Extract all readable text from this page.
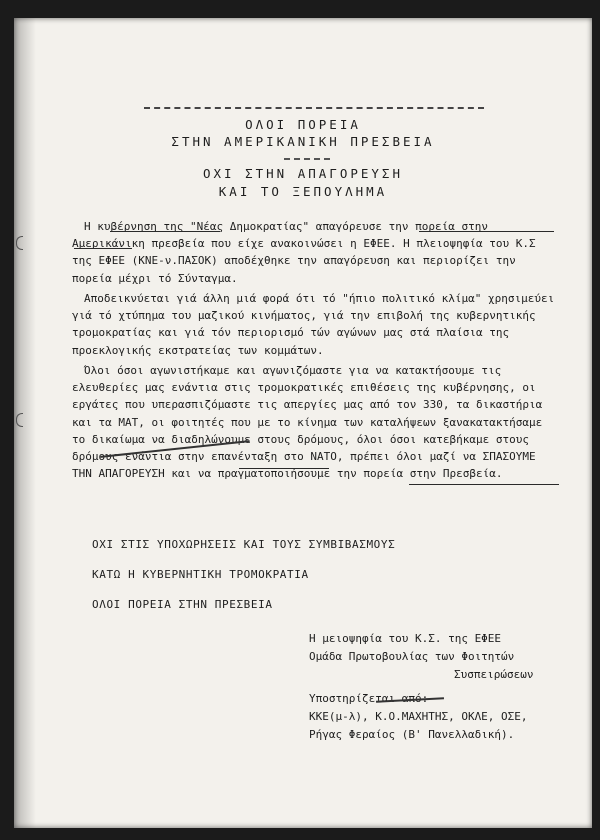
ΟΛΟΙ ΠΟΡΕΙΑ
ΣΤΗΝ ΑΜΕΡΙΚΑΝΙΚΗ ΠΡΕΣΒΕΙΑ
ΟΧΙ ΣΤΗΝ ΑΠΑΓΟΡΕΥΣΗ
ΚΑΙ ΤΟ ΞΕΠΟΥΛΗΜΑ
Η κυβέρνηση της "Νέας Δημοκρατίας" απαγόρευσε την πορεία στην Αμερικάνικη πρεσβεία που είχε ανακοινώσει η ΕΦΕΕ. Η πλειοψηφία του Κ.Σ της ΕΦΕΕ (ΚΝΕ-ν.ΠΑΣΟΚ) αποδέχθηκε την απαγόρευση και περιορίζει την πορεία μέχρι τό Σύνταγμα.
Αποδεικνύεται γιά άλλη μιά φορά ότι τό "ήπιο πολιτικό κλίμα" χρησιμεύει γιά τό χτύπημα του μαζικού κινήματος, γιά την επιβολή της κυβερνητικής τρομοκρατίας και γιά τόν περιορισμό τών αγώνων μας στά πλαίσια της προεκλογικής εκστρατείας των κομμάτων.
Όλοι όσοι αγωνιστήκαμε και αγωνιζόμαστε για να κατακτήσουμε τις ελευθερίες μας ενάντια στις τρομοκρατικές επιθέσεις της κυβέρνησης, οι εργάτες που υπερασπιζόμαστε τις απεργίες μας από τον 330, τα δικαστήρια και τα ΜΑΤ, οι φοιτητές που με το κίνημα των καταλήψεων ξανακατακτήσαμε το δικαίωμα να διαδηλώνουμε στους δρόμους, όλοι όσοι κατεβήκαμε στους δρόμους ενάντια στην επανένταξη στο ΝΑΤΟ, πρέπει όλοι μαζί να ΣΠΑΣΟΥΜΕ ΤΗΝ ΑΠΑΓΟΡΕΥΣΗ και να πραγματοποιήσουμε την πορεία στην Πρεσβεία.
ΟΧΙ ΣΤΙΣ ΥΠΟΧΩΡΗΣΕΙΣ ΚΑΙ ΤΟΥΣ ΣΥΜΒΙΒΑΣΜΟΥΣ
ΚΑΤΩ Η ΚΥΒΕΡΝΗΤΙΚΗ ΤΡΟΜΟΚΡΑΤΙΑ
ΟΛΟΙ ΠΟΡΕΙΑ ΣΤΗΝ ΠΡΕΣΒΕΙΑ
Η μειοψηφία του Κ.Σ. της ΕΦΕΕ
Ομάδα Πρωτοβουλίας των Φοιτητών
Συσπειρώσεων
Υποστηρίζεται από:
ΚΚΕ(μ-λ), Κ.Ο.ΜΑΧΗΤΗΣ, ΟΚΛΕ, ΟΣΕ,
Ρήγας Φεραίος (Β' Πανελλαδική).
